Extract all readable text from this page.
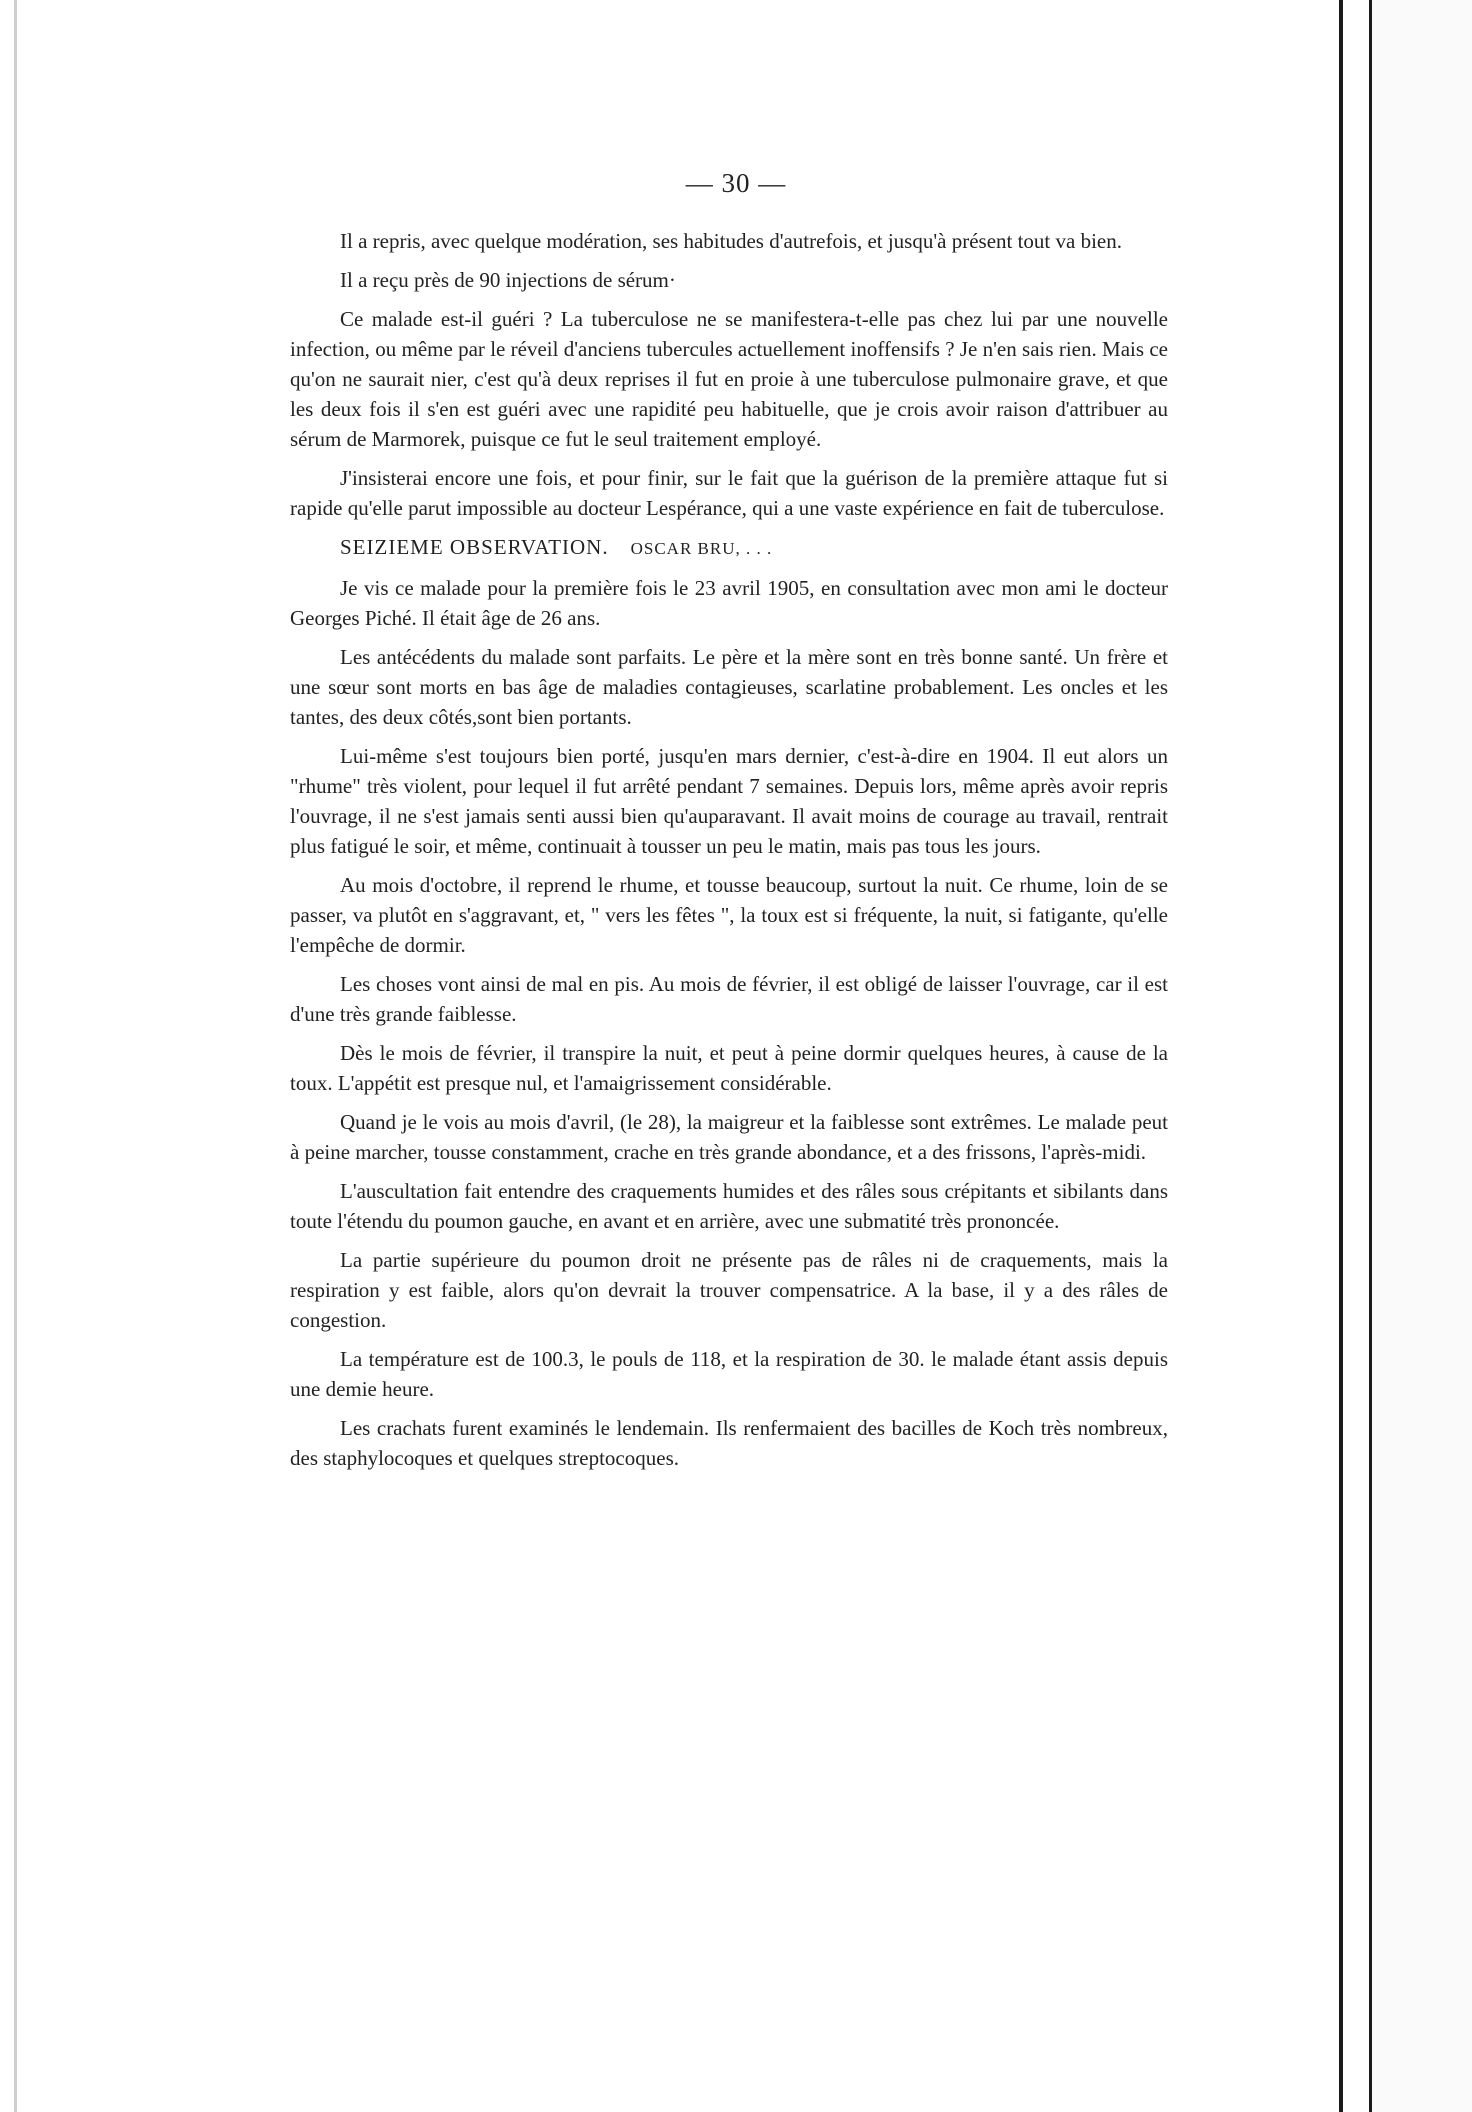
— 30 —

Il a repris, avec quelque modération, ses habitudes d'autrefois, et jusqu'à présent tout va bien.

Il a reçu près de 90 injections de sérum·

Ce malade est-il guéri ? La tuberculose ne se manifestera-t-elle pas chez lui par une nouvelle infection, ou même par le réveil d'anciens tubercules actuellement inoffensifs ? Je n'en sais rien. Mais ce qu'on ne saurait nier, c'est qu'à deux reprises il fut en proie à une tuberculose pulmonaire grave, et que les deux fois il s'en est guéri avec une rapidité peu habituelle, que je crois avoir raison d'attribuer au sérum de Marmorek, puisque ce fut le seul traitement employé.

J'insisterai encore une fois, et pour finir, sur le fait que la guérison de la première attaque fut si rapide qu'elle parut impossible au docteur Lespérance, qui a une vaste expérience en fait de tuberculose.

SEIZIEME OBSERVATION. OSCAR BRU, . . .

Je vis ce malade pour la première fois le 23 avril 1905, en consultation avec mon ami le docteur Georges Piché. Il était âge de 26 ans.

Les antécédents du malade sont parfaits. Le père et la mère sont en très bonne santé. Un frère et une sœur sont morts en bas âge de maladies contagieuses, scarlatine probablement. Les oncles et les tantes, des deux côtés,sont bien portants.

Lui-même s'est toujours bien porté, jusqu'en mars dernier, c'est-à-dire en 1904. Il eut alors un "rhume" très violent, pour lequel il fut arrêté pendant 7 semaines. Depuis lors, même après avoir repris l'ouvrage, il ne s'est jamais senti aussi bien qu'auparavant. Il avait moins de courage au travail, rentrait plus fatigué le soir, et même, continuait à tousser un peu le matin, mais pas tous les jours.

Au mois d'octobre, il reprend le rhume, et tousse beaucoup, surtout la nuit. Ce rhume, loin de se passer, va plutôt en s'aggravant, et, " vers les fêtes ", la toux est si fréquente, la nuit, si fatigante, qu'elle l'empêche de dormir.

Les choses vont ainsi de mal en pis. Au mois de février, il est obligé de laisser l'ouvrage, car il est d'une très grande faiblesse.

Dès le mois de février, il transpire la nuit, et peut à peine dormir quelques heures, à cause de la toux. L'appétit est presque nul, et l'amaigrissement considérable.

Quand je le vois au mois d'avril, (le 28), la maigreur et la faiblesse sont extrêmes. Le malade peut à peine marcher, tousse constamment, crache en très grande abondance, et a des frissons, l'après-midi.

L'auscultation fait entendre des craquements humides et des râles sous crépitants et sibilants dans toute l'étendu du poumon gauche, en avant et en arrière, avec une submatité très prononcée.

La partie supérieure du poumon droit ne présente pas de râles ni de craquements, mais la respiration y est faible, alors qu'on devrait la trouver compensatrice. A la base, il y a des râles de congestion.

La température est de 100.3, le pouls de 118, et la respiration de 30. le malade étant assis depuis une demie heure.

Les crachats furent examinés le lendemain. Ils renfermaient des bacilles de Koch très nombreux, des staphylocoques et quelques streptocoques.
